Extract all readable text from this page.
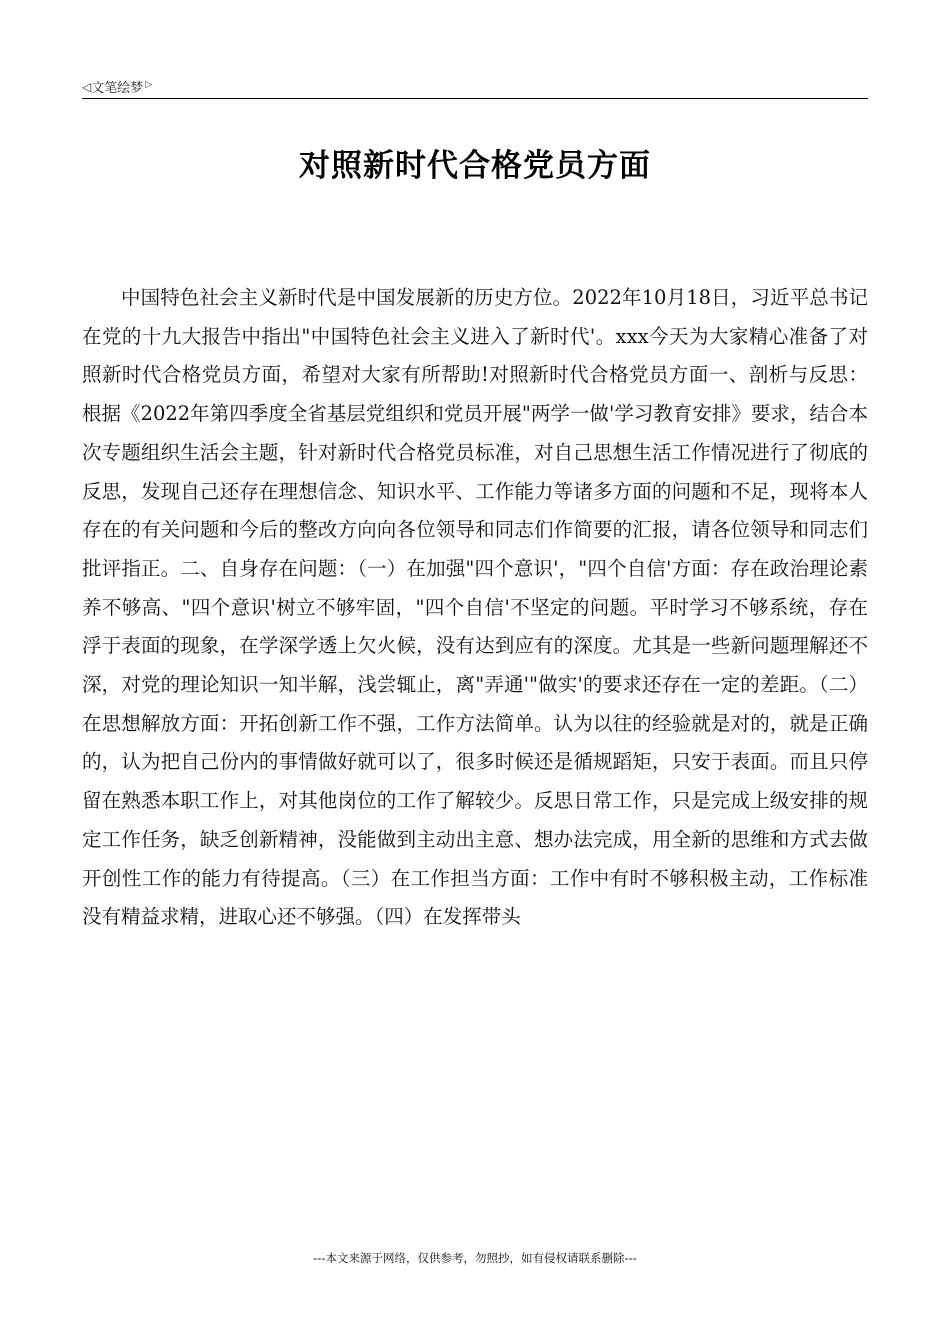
◁文笔绘梦 ▷
对照新时代合格党员方面

中国特色社会主义新时代是中国发展新的历史方位。2022年10月18日，习近平总书记在党的十九大报告中指出"中国特色社会主义进入了新时代'。xxx今天为大家精心准备了对照新时代合格党员方面，希望对大家有所帮助!对照新时代合格党员方面一、剖析与反思：根据《2022年第四季度全省基层党组织和党员开展"两学一做'学习教育安排》要求，结合本次专题组织生活会主题，针对新时代合格党员标准，对自己思想生活工作情况进行了彻底的反思，发现自己还存在理想信念、知识水平、工作能力等诸多方面的问题和不足，现将本人存在的有关问题和今后的整改方向向各位领导和同志们作简要的汇报，请各位领导和同志们批评指正。二、自身存在问题：（一）在加强"四个意识'，"四个自信'方面：存在政治理论素养不够高、"四个意识'树立不够牢固，"四个自信'不坚定的问题。平时学习不够系统，存在浮于表面的现象，在学深学透上欠火候，没有达到应有的深度。尤其是一些新问题理解还不深，对党的理论知识一知半解，浅尝辄止，离"弄通'"做实'的要求还存在一定的差距。（二）在思想解放方面：开拓创新工作不强，工作方法简单。认为以往的经验就是对的，就是正确的，认为把自己份内的事情做好就可以了，很多时候还是循规蹈矩，只安于表面。而且只停留在熟悉本职工作上，对其他岗位的工作了解较少。反思日常工作，只是完成上级安排的规定工作任务，缺乏创新精神，没能做到主动出主意、想办法完成，用全新的思维和方式去做开创性工作的能力有待提高。（三）在工作担当方面：工作中有时不够积极主动，工作标准没有精益求精，进取心还不够强。（四）在发挥带头

---本文来源于网络，仅供参考，勿照抄，如有侵权请联系删除---
